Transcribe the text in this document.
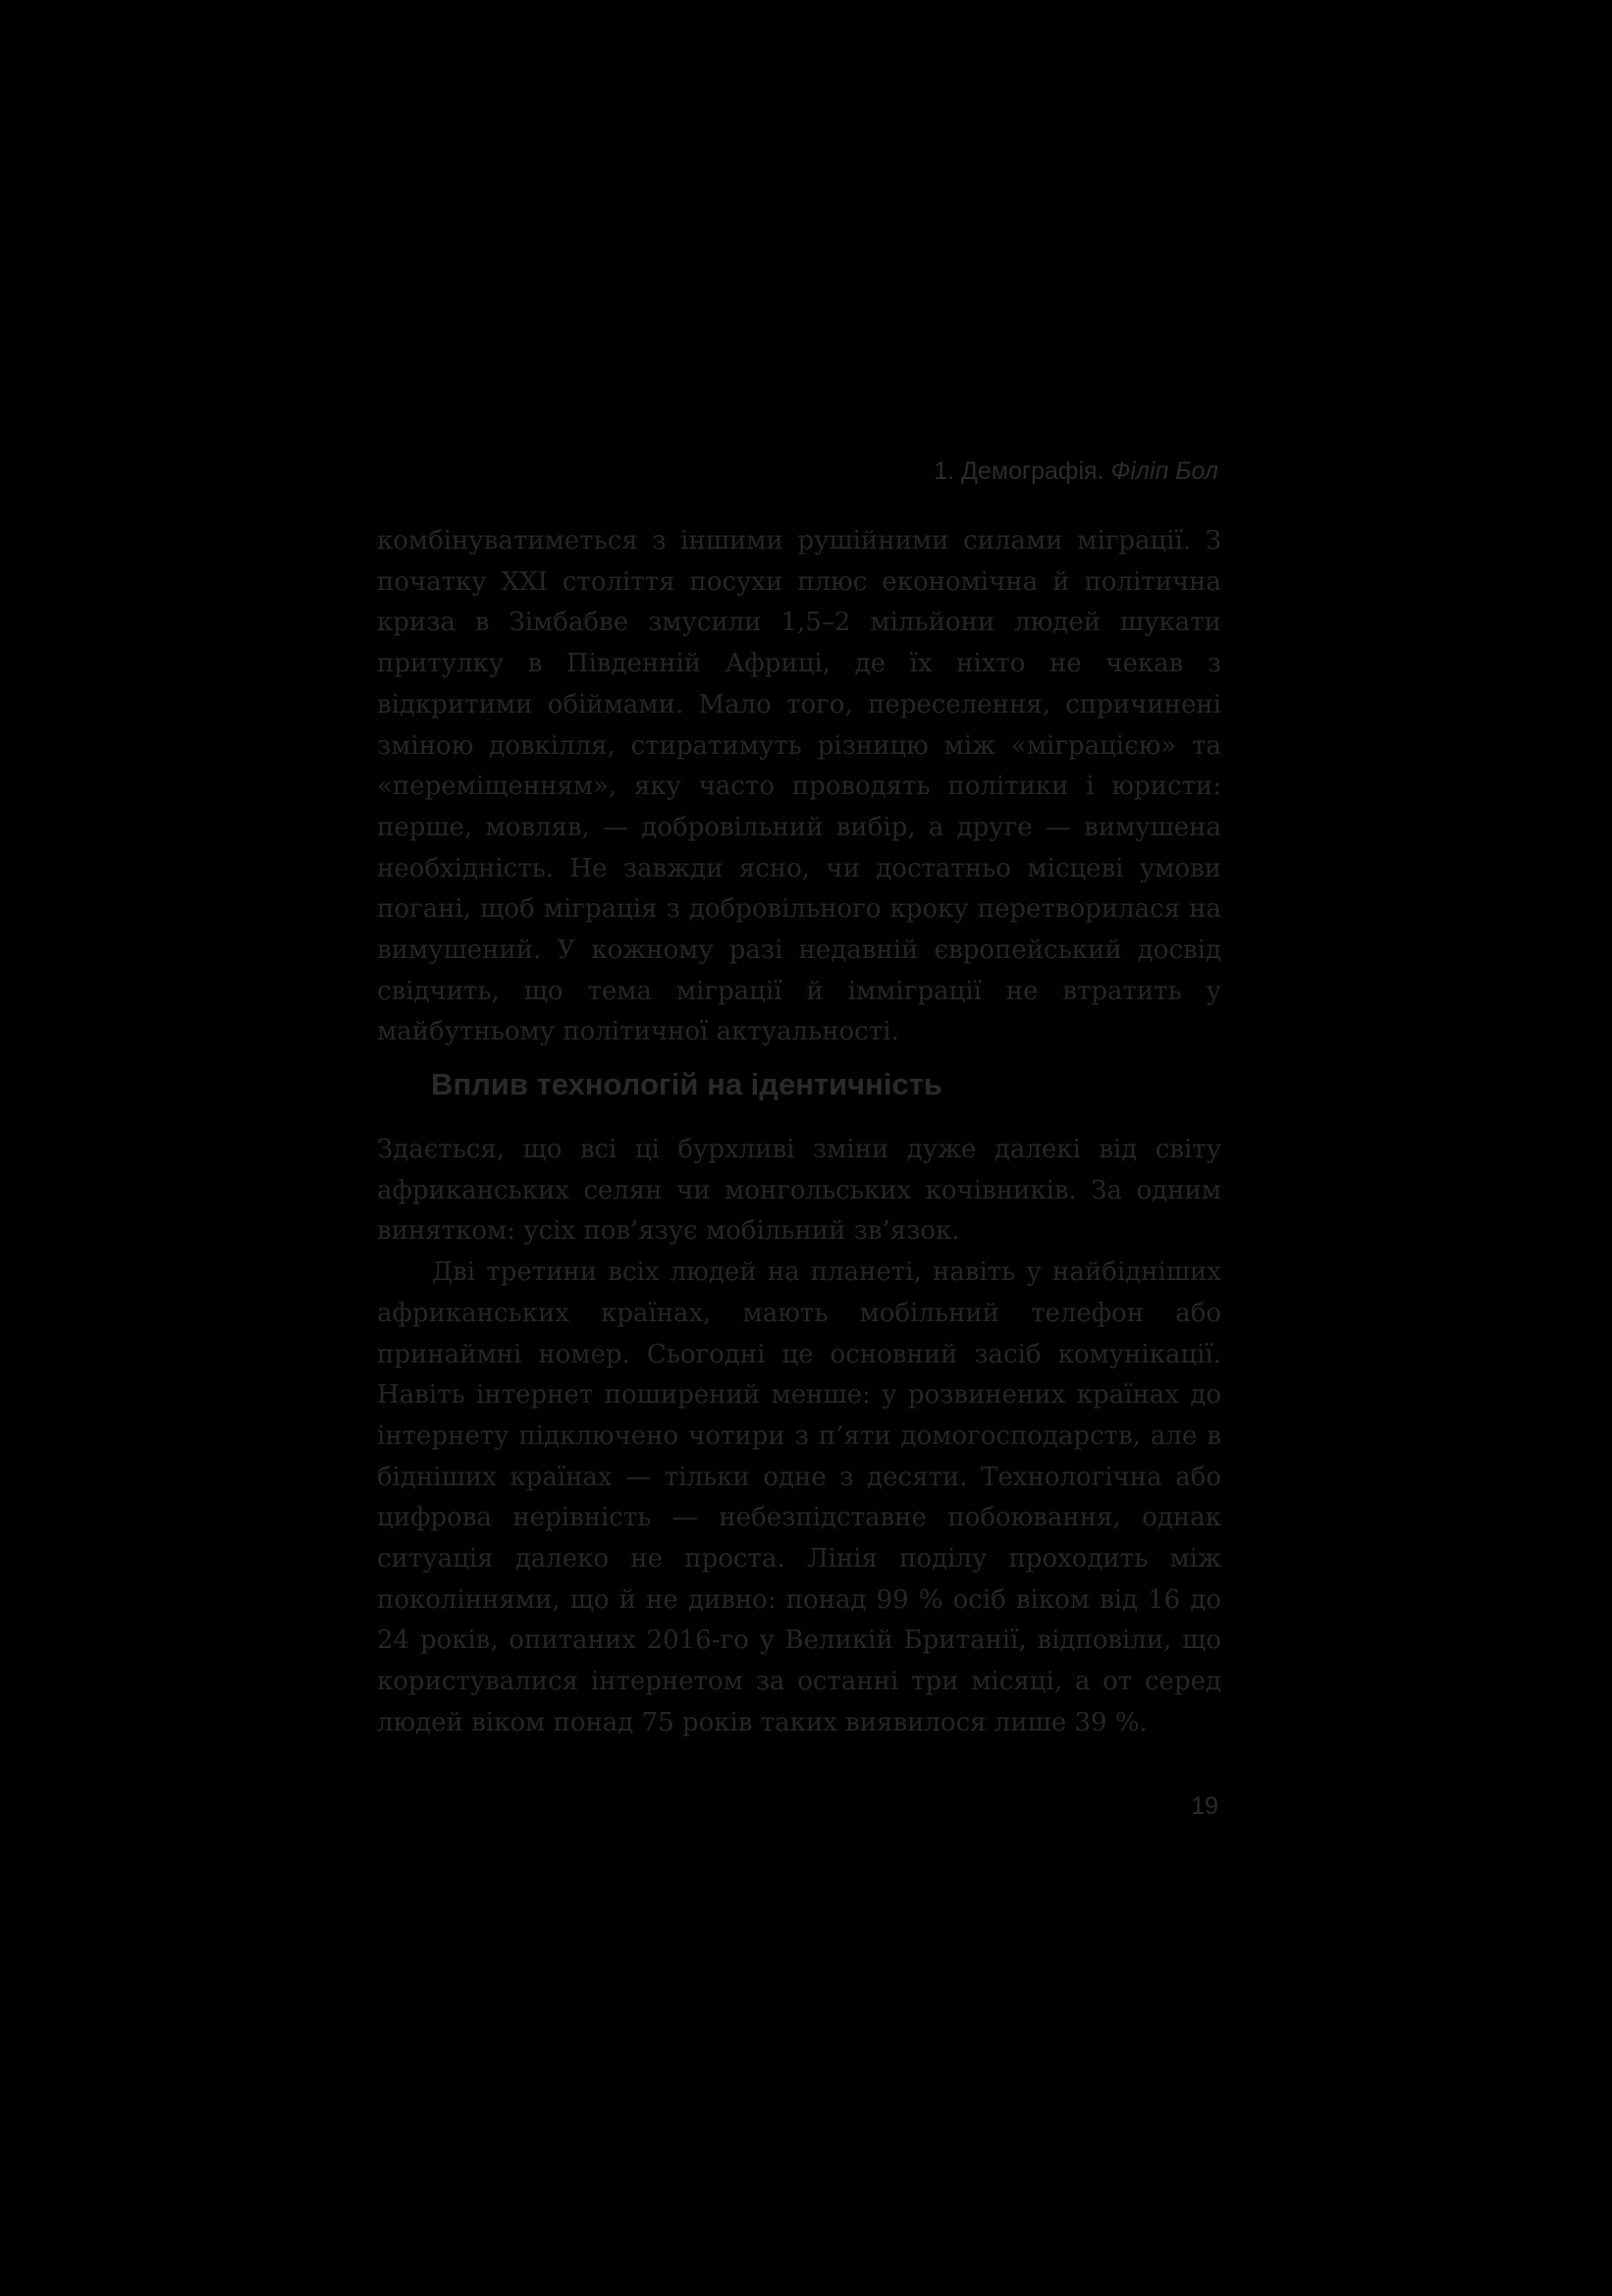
1. Демографія. Філіп Бол

комбінуватиметься з іншими рушійними силами міграції. З початку XXI століття посухи плюс економічна й політична криза в Зімбабве змусили 1,5–2 мільйони людей шукати притулку в Південній Африці, де їх ніхто не чекав з відкритими обіймами. Мало того, переселення, спричинені зміною довкілля, стиратимуть різницю між «міграцією» та «переміщенням», яку часто проводять політики і юристи: перше, мовляв, — добровільний вибір, а друге — вимушена необхідність. Не завжди ясно, чи достатньо місцеві умови погані, щоб міграція з добровільного кроку перетворилася на вимушений. У кожному разі недавній європейський досвід свідчить, що тема міграції й імміграції не втратить у майбутньому політичної актуальності.

Вплив технологій на ідентичність

Здається, що всі ці бурхливі зміни дуже далекі від світу африканських селян чи монгольських кочівників. За одним винятком: усіх пов’язує мобільний зв’язок.

Дві третини всіх людей на планеті, навіть у найбідніших африканських країнах, мають мобільний телефон або принаймні номер. Сьогодні це основний засіб комунікації. Навіть інтернет поширений менше: у розвинених країнах до інтернету підключено чотири з п’яти домогосподарств, але в бідніших країнах — тільки одне з десяти. Технологічна або цифрова нерівність — небезпідставне побоювання, однак ситуація далеко не проста. Лінія поділу проходить між поколіннями, що й не дивно: понад 99 % осіб віком від 16 до 24 років, опитаних 2016-го у Великій Британії, відповіли, що користувалися інтернетом за останні три місяці, а от серед людей віком понад 75 років таких виявилося лише 39 %.

19
